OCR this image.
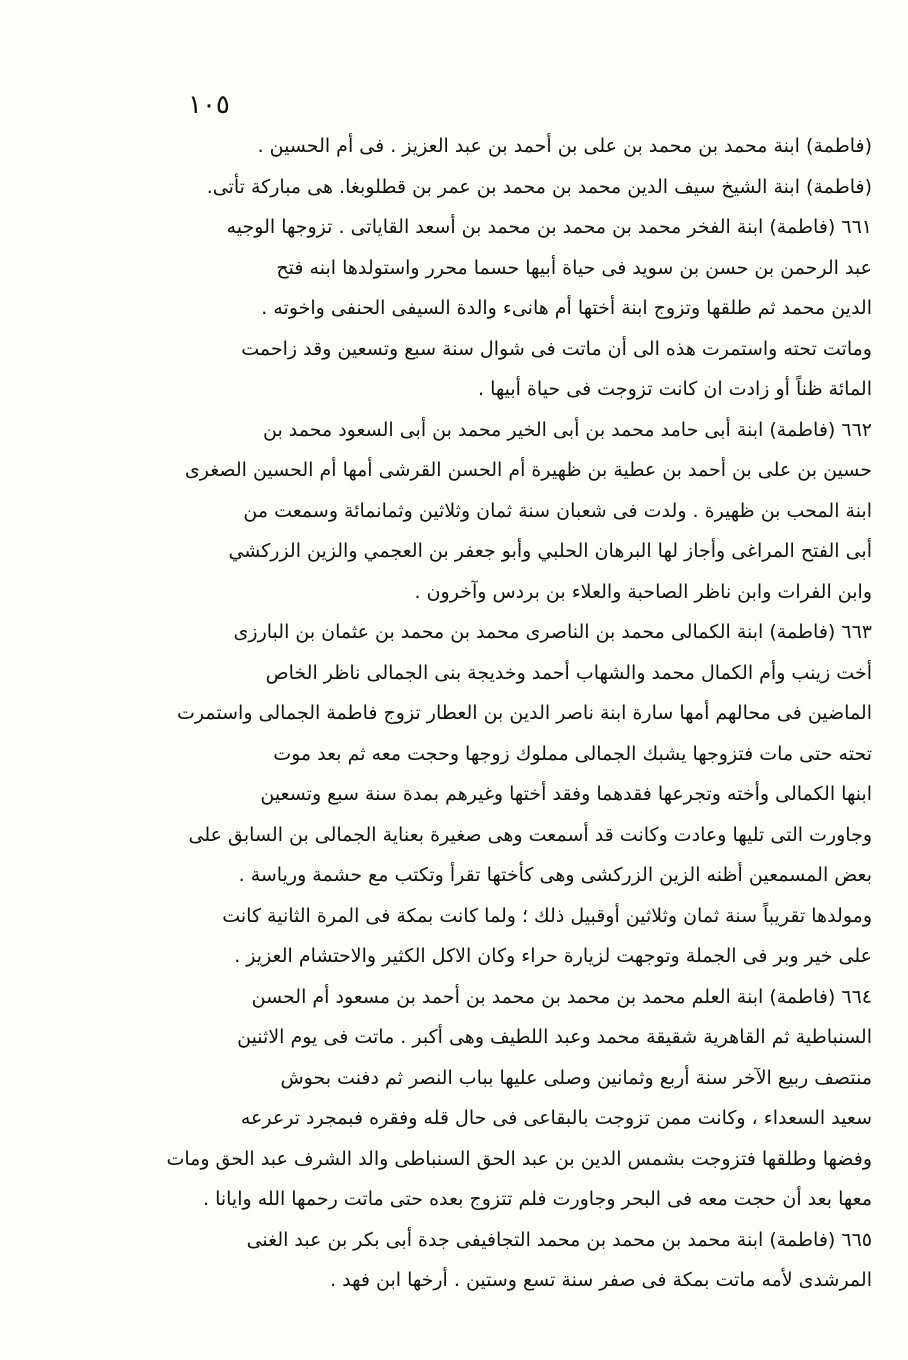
١٠٥
(فاطمة) ابنة محمد بن محمد بن على بن أحمد بن عبد العزيز . فى أم الحسين .
(فاطمة) ابنة الشيخ سيف الدين محمد بن محمد بن عمر بن قطلوبغا. هى مباركة تأتى.
٦٦١ (فاطمة) ابنة الفخر محمد بن محمد بن محمد بن أسعد القاياتى . تزوجها الوجيه
عبد الرحمن بن حسن بن سويد فى حياة أبيها حسما محرر واستولدها ابنه فتح
الدين محمد ثم طلقها وتزوج ابنة أختها أم هانىء والدة السيفى الحنفى واخوته .
وماتت تحته واستمرت هذه الى أن ماتت فى شوال سنة سبع وتسعين وقد زاحمت
المائة ظناً أو زادت ان كانت تزوجت فى حياة أبيها .
٦٦٢ (فاطمة) ابنة أبى حامد محمد بن أبى الخير محمد بن أبى السعود محمد بن
حسين بن على بن أحمد بن عطية بن ظهيرة أم الحسن القرشى أمها أم الحسين الصغرى
ابنة المحب بن ظهيرة . ولدت فى شعبان سنة ثمان وثلاثين وثمانمائة وسمعت من
أبى الفتح المراغى وأجاز لها البرهان الحلبي وأبو جعفر بن العجمي والزين الزركشي
وابن الفرات وابن ناظر الصاحبة والعلاء بن بردس وآخرون .
٦٦٣ (فاطمة) ابنة الكمالى محمد بن الناصرى محمد بن محمد بن عثمان بن البارزى
أخت زينب وأم الكمال محمد والشهاب أحمد وخديجة بنى الجمالى ناظر الخاص
الماضين فى محالهم أمها سارة ابنة ناصر الدين بن العطار تزوج فاطمة الجمالى واستمرت
تحته حتى مات فتزوجها يشبك الجمالى مملوك زوجها وحجت معه ثم بعد موت
ابنها الكمالى وأخته وتجرعها فقدهما وفقد أختها وغيرهم بمدة سنة سبع وتسعين
وجاورت التى تليها وعادت وكانت قد أسمعت وهى صغيرة بعناية الجمالى بن السابق على
بعض المسمعين أظنه الزين الزركشى وهى كأختها تقرأ وتكتب مع حشمة ورياسة .
ومولدها تقريباً سنة ثمان وثلاثين أوقبيل ذلك ؛ ولما كانت بمكة فى المرة الثانية كانت
على خير وبر فى الجملة وتوجهت لزيارة حراء وكان الاكل الكثير والاحتشام العزيز .
٦٦٤ (فاطمة) ابنة العلم محمد بن محمد بن محمد بن أحمد بن مسعود أم الحسن
السنباطية ثم القاهرية شقيقة محمد وعبد اللطيف وهى أكبر . ماتت فى يوم الاثنين
منتصف ربيع الآخر سنة أربع وثمانين وصلى عليها بباب النصر ثم دفنت بحوش
سعيد السعداء ، وكانت ممن تزوجت بالبقاعى فى حال قله وفقره فبمجرد ترعرعه
وفضها وطلقها فتزوجت بشمس الدين بن عبد الحق السنباطى والد الشرف عبد الحق ومات
معها بعد أن حجت معه فى البحر وجاورت فلم تتزوج بعده حتى ماتت رحمها الله وايانا .
٦٦٥ (فاطمة) ابنة محمد بن محمد بن محمد التجافيفى جدة أبى بكر بن عبد الغنى
المرشدى لأمه ماتت بمكة فى صفر سنة تسع وستين . أرخها ابن فهد .
